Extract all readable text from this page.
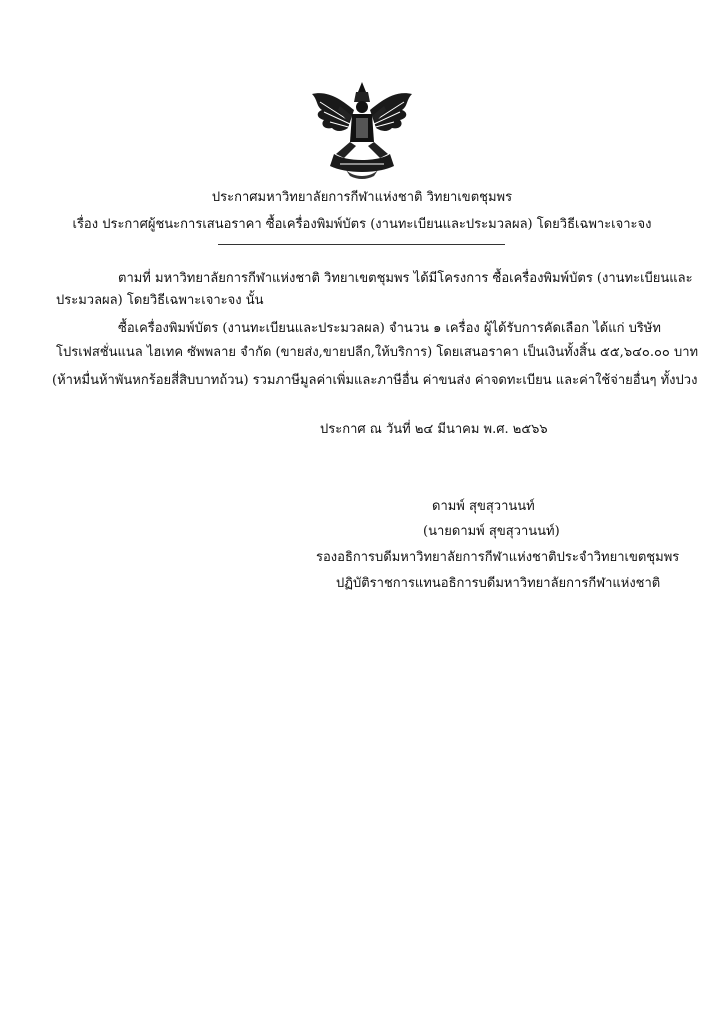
ประกาศมหาวิทยาลัยการกีฬาแห่งชาติ วิทยาเขตชุมพร
เรื่อง ประกาศผู้ชนะการเสนอราคา ซื้อเครื่องพิมพ์บัตร (งานทะเบียนและประมวลผล) โดยวิธีเฉพาะเจาะจง
ตามที่ มหาวิทยาลัยการกีฬาแห่งชาติ วิทยาเขตชุมพร ได้มีโครงการ ซื้อเครื่องพิมพ์บัตร (งานทะเบียนและ
ประมวลผล) โดยวิธีเฉพาะเจาะจง นั้น
ซื้อเครื่องพิมพ์บัตร (งานทะเบียนและประมวลผล) จำนวน ๑ เครื่อง ผู้ได้รับการคัดเลือก ได้แก่ บริษัท
โปรเฟสชั่นแนล ไฮเทค ซัพพลาย จำกัด (ขายส่ง,ขายปลีก,ให้บริการ) โดยเสนอราคา เป็นเงินทั้งสิ้น ๕๕,๖๔๐.๐๐ บาท
(ห้าหมื่นห้าพันหกร้อยสี่สิบบาทถ้วน) รวมภาษีมูลค่าเพิ่มและภาษีอื่น ค่าขนส่ง ค่าจดทะเบียน และค่าใช้จ่ายอื่นๆ ทั้งปวง
ประกาศ ณ วันที่ ๒๔ มีนาคม พ.ศ. ๒๕๖๖
ดามพ์ สุขสุวานนท์
(นายดามพ์ สุขสุวานนท์)
รองอธิการบดีมหาวิทยาลัยการกีฬาแห่งชาติประจำวิทยาเขตชุมพร
ปฏิบัติราชการแทนอธิการบดีมหาวิทยาลัยการกีฬาแห่งชาติ
